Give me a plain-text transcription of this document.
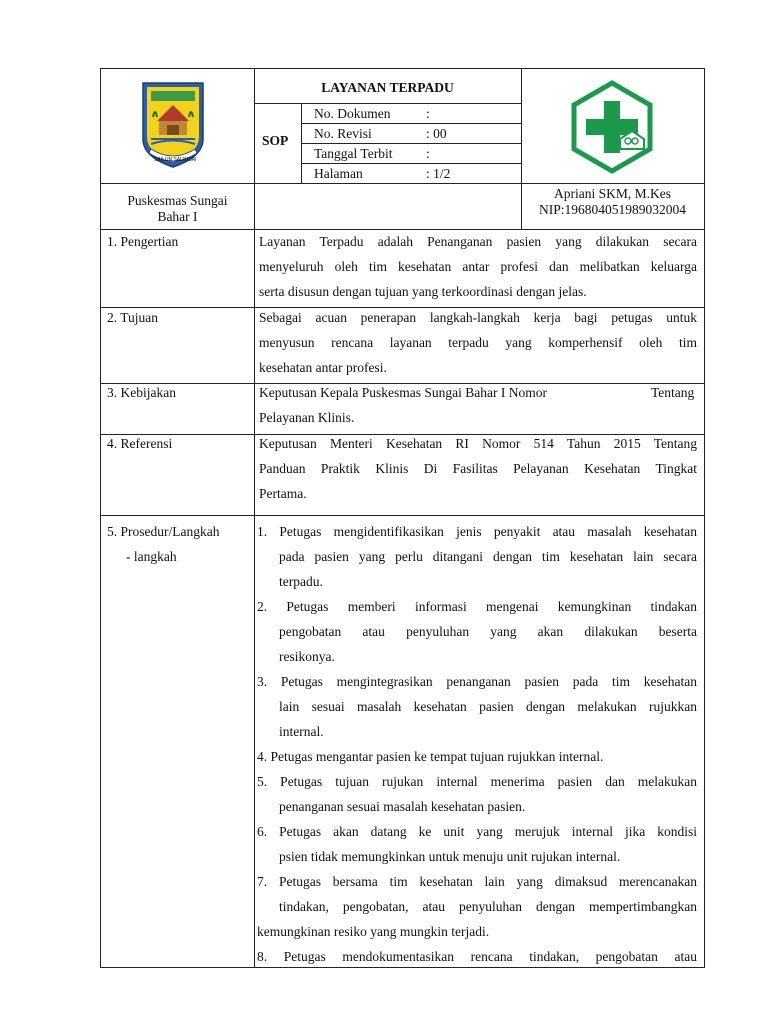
SAILUN SALIMBAI
LAYANAN TERPADU
SOP
No. Dokumen	:
No. Revisi	: 00
Tanggal Terbit :
Halaman	: 1/2
Puskesmas Sungai
Bahar I
Apriani SKM, M.Kes
NIP:196804051989032004
1. Pengertian	Layanan Terpadu adalah Penanganan pasien yang dilakukan secara
menyeluruh oleh tim kesehatan antar profesi dan melibatkan keluarga
serta disusun dengan tujuan yang terkoordinasi dengan jelas.
2. Tujuan	Sebagai acuan penerapan langkah-langkah kerja bagi petugas untuk
menyusun rencana layanan terpadu yang komperhensif oleh tim
kesehatan antar profesi.
3. Kebijakan	Keputusan Kepala Puskesmas Sungai Bahar I Nomor	Tentang
Pelayanan Klinis.
4. Referensi	Keputusan Menteri Kesehatan RI Nomor 514 Tahun 2015 Tentang
Panduan Praktik Klinis Di Fasilitas Pelayanan Kesehatan Tingkat
Pertama.
5. Prosedur/Langkah
- langkah
1. Petugas mengidentifikasikan jenis penyakit atau masalah kesehatan
pada pasien yang perlu ditangani dengan tim kesehatan lain secara
terpadu.
2. Petugas memberi informasi mengenai kemungkinan tindakan
pengobatan atau penyuluhan yang akan dilakukan beserta
resikonya.
3. Petugas mengintegrasikan penanganan pasien pada tim kesehatan
lain sesuai masalah kesehatan pasien dengan melakukan rujukkan
internal.
4. Petugas mengantar pasien ke tempat tujuan rujukkan internal.
5. Petugas tujuan rujukan internal menerima pasien dan melakukan
penanganan sesuai masalah kesehatan pasien.
6. Petugas akan datang ke unit yang merujuk internal jika kondisi
psien tidak memungkinkan untuk menuju unit rujukan internal.
7. Petugas bersama tim kesehatan lain yang dimaksud merencanakan
tindakan, pengobatan, atau penyuluhan dengan mempertimbangkan
kemungkinan resiko yang mungkin terjadi.
8. Petugas mendokumentasikan rencana tindakan, pengobatan atau
